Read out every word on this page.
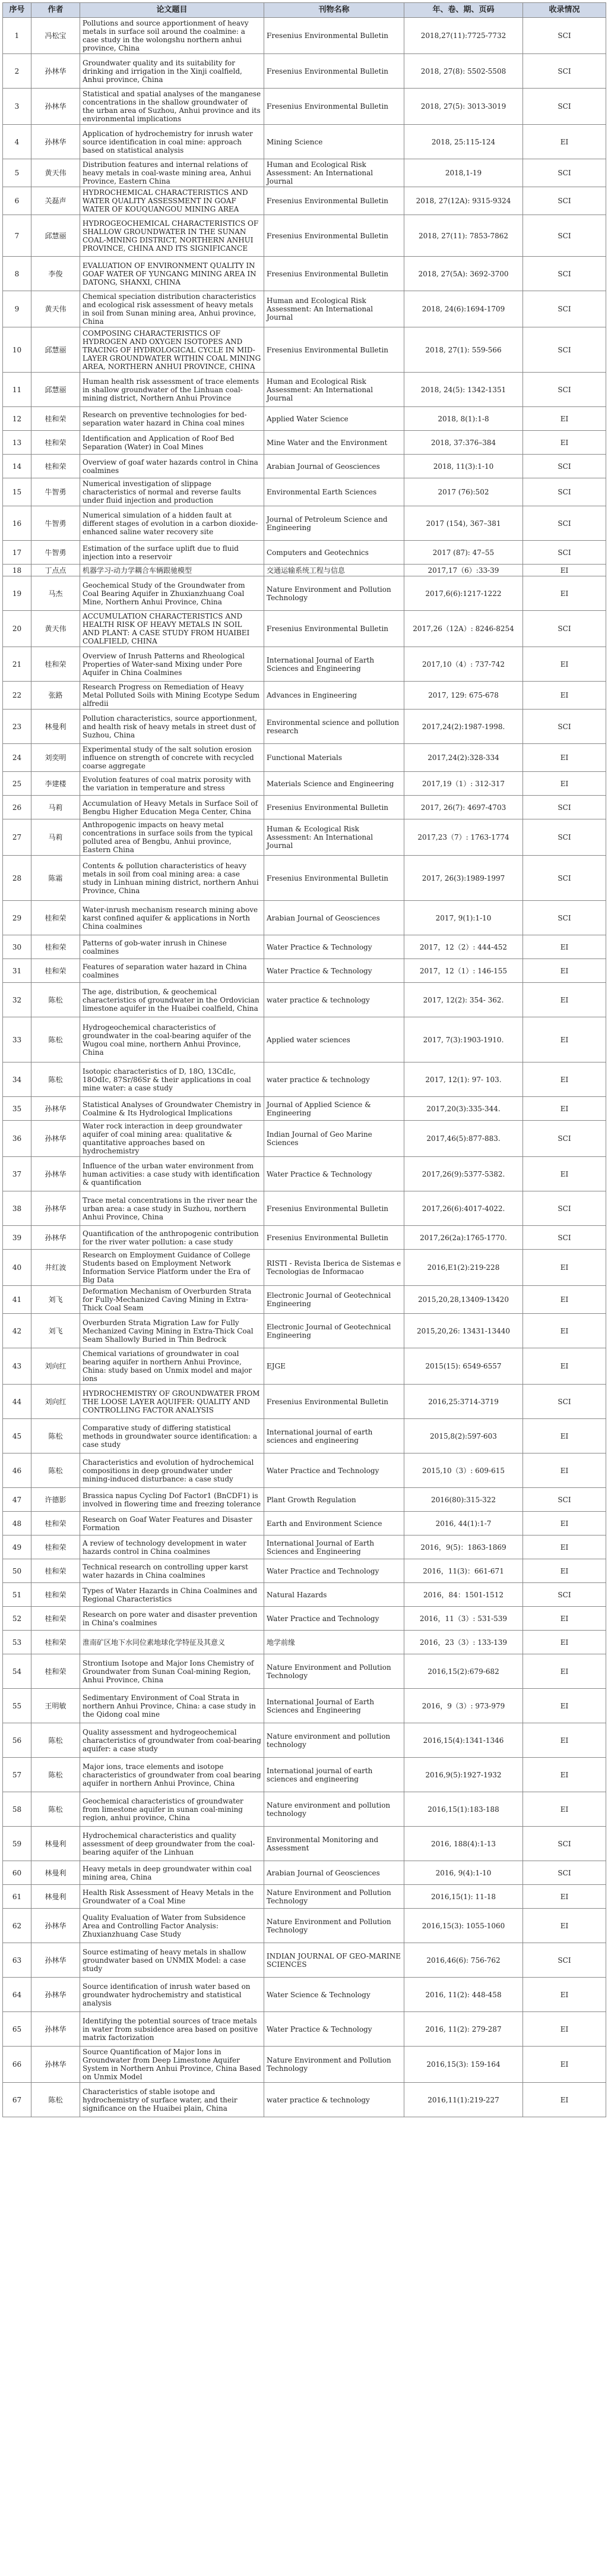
序号	作者	论文题目	刊物名称	年、卷、期、页码	收录情况
1	冯松宝	Pollutions and source apportionment of heavy metals in surface soil around the coalmine: a case study in the wolongshu northern anhui province, China	Fresenius Environmental Bulletin	2018,27(11):7725-7732	SCI
2	孙林华	Groundwater quality and its suitability for drinking and irrigation in the Xinji coalfield, Anhui province, China	Fresenius Environmental Bulletin	2018, 27(8): 5502-5508	SCI
3	孙林华	Statistical and spatial analyses of the manganese concentrations in the shallow groundwater of the urban area of Suzhou, Anhui province and its environmental implications	Fresenius Environmental Bulletin	2018, 27(5): 3013-3019	SCI
4	孙林华	Application of hydrochemistry for inrush water source identification in coal mine: approach based on statistical analysis	Mining Science	2018, 25:115-124	EI
5	黄天伟	Distribution features and internal relations of heavy metals in coal-waste mining area, Anhui Province, Eastern China	Human and Ecological Risk Assessment: An International Journal	2018,1-19	SCI
6	关磊声	HYDROCHEMICAL CHARACTERISTICS AND WATER QUALITY ASSESSMENT IN GOAF WATER OF KOUQUANGOU MINING AREA	Fresenius Environmental Bulletin	2018, 27(12A): 9315-9324	SCI
7	邱慧丽	HYDROGEOCHEMICAL CHARACTERISTICS OF SHALLOW GROUNDWATER IN THE SUNAN COAL-MINING DISTRICT, NORTHERN ANHUI PROVINCE, CHINA AND ITS SIGNIFICANCE	Fresenius Environmental Bulletin	2018, 27(11): 7853-7862	SCI
8	李俊	EVALUATION OF ENVIRONMENT QUALITY IN GOAF WATER OF YUNGANG MINING AREA IN DATONG, SHANXI, CHINA	Fresenius Environmental Bulletin	2018, 27(5A): 3692-3700	SCI
9	黄天伟	Chemical speciation distribution characteristics and ecological risk assessment of heavy metals in soil from Sunan mining area, Anhui province, China	Human and Ecological Risk Assessment: An International Journal	2018, 24(6):1694-1709	SCI
10	邱慧丽	COMPOSING CHARACTERISTICS OF HYDROGEN AND OXYGEN ISOTOPES AND TRACING OF HYDROLOGICAL CYCLE IN MID-LAYER GROUNDWATER WITHIN COAL MINING AREA, NORTHERN ANHUI PROVINCE, CHINA	Fresenius Environmental Bulletin	2018, 27(1): 559-566	SCI
11	邱慧丽	Human health risk assessment of trace elements in shallow groundwater of the Linhuan coal-mining district, Northern Anhui Province	Human and Ecological Risk Assessment: An International Journal	2018, 24(5): 1342-1351	SCI
12	桂和荣	Research on preventive technologies for bed-separation water hazard in China coal mines	Applied Water Science	2018, 8(1):1-8	EI
13	桂和荣	Identification and Application of Roof Bed Separation (Water) in Coal Mines	Mine Water and the Environment	2018, 37:376–384	EI
14	桂和荣	Overview of goaf water hazards control in China coalmines	Arabian Journal of Geosciences	2018, 11(3):1-10	SCI
15	牛智勇	Numerical investigation of slippage characteristics of normal and reverse faults under fluid injection and production	Environmental Earth Sciences	2017 (76):502	SCI
16	牛智勇	Numerical simulation of a hidden fault at different stages of evolution in a carbon dioxide-enhanced saline water recovery site	Journal of Petroleum Science and Engineering	2017 (154), 367–381	SCI
17	牛智勇	Estimation of the surface uplift due to fluid injection into a reservoir	Computers and Geotechnics	2017 (87): 47–55	SCI
18	丁点点	机器学习-动力学耦合车辆跟驰模型	交通运输系统工程与信息	2017,17（6）:33-39	EI
19	马杰	Geochemical Study of the Groundwater from Coal Bearing Aquifer in Zhuxianzhuang Coal Mine, Northern Anhui Province, China	Nature Environment and Pollution Technology	2017,6(6):1217-1222	EI
20	黄天伟	ACCUMULATION CHARACTERISTICS AND HEALTH RISK OF HEAVY METALS IN SOIL AND PLANT: A CASE STUDY FROM HUAIBEI COALFIELD, CHINA	Fresenius Environmental Bulletin	2017,26（12A）: 8246-8254	SCI
21	桂和荣	Overview of Inrush Patterns and Rheological Properties of Water-sand Mixing under Pore Aquifer in China Coalmines	International Journal of Earth Sciences and Engineering	2017,10（4）: 737-742	EI
22	张路	Research Progress on Remediation of Heavy Metal Polluted Soils with Mining Ecotype Sedum alfredii	Advances in Engineering	2017, 129: 675-678	EI
23	林曼利	Pollution characteristics, source apportionment, and health risk of heavy metals in street dust of Suzhou, China	Environmental science and pollution research	2017,24(2):1987-1998.	SCI
24	刘奕明	Experimental study of the salt solution erosion influence on strength of concrete with recycled coarse aggregate	Functional Materials	2017,24(2):328-334	EI
25	李建楼	Evolution features of coal matrix porosity with the variation in temperature and stress	Materials Science and Engineering	2017,19（1）: 312-317	EI
26	马莉	Accumulation of Heavy Metals in Surface Soil of Bengbu Higher Education Mega Center, China	Fresenius Environmental Bulletin	2017, 26(7): 4697-4703	SCI
27	马莉	Anthropogenic impacts on heavy metal concentrations in surface soils from the typical polluted area of Bengbu, Anhui province, Eastern China	Human & Ecological Risk Assessment: An International Journal	2017,23（7）: 1763-1774	SCI
28	陈霜	Contents & pollution characteristics of heavy metals in soil from coal mining area: a case study in Linhuan mining district, northern Anhui Province, China	Fresenius Environmental Bulletin	2017, 26(3):1989-1997	SCI
29	桂和荣	Water-inrush mechanism research mining above karst confined aquifer & applications in North China coalmines	Arabian Journal of Geosciences	2017, 9(1):1-10	SCI
30	桂和荣	Patterns of gob-water inrush in Chinese coalmines	Water Practice & Technology	2017，12（2）: 444-452	EI
31	桂和荣	Features of separation water hazard in China coalmines	Water Practice & Technology	2017，12（1）: 146-155	EI
32	陈松	The age, distribution, & geochemical characteristics of groundwater in the Ordovician limestone aquifer in the Huaibei coalfield, China	water practice & technology	2017, 12(2): 354- 362.	EI
33	陈松	Hydrogeochemical characteristics of groundwater in the coal-bearing aquifer of the Wugou coal mine, northern Anhui Province, China	Applied water sciences	2017, 7(3):1903-1910.	EI
34	陈松	Isotopic characteristics of D, 18O, 13CdIc, 18OdIc, 87Sr/86Sr & their applications in coal mine water: a case study	water practice & technology	2017, 12(1): 97- 103.	EI
35	孙林华	Statistical Analyses of Groundwater Chemistry in Coalmine & Its Hydrological Implications	Journal of Applied Science & Engineering	2017,20(3):335-344.	EI
36	孙林华	Water rock interaction in deep groundwater aquifer of coal mining area: qualitative & quantitative approaches based on hydrochemistry	Indian Journal of Geo Marine Sciences	2017,46(5):877-883.	SCI
37	孙林华	Influence of the urban water environment from human activities: a case study with identification & quantification	Water Practice & Technology	2017,26(9):5377-5382.	EI
38	孙林华	Trace metal concentrations in the river near the urban area: a case study in Suzhou, northern Anhui Province, China	Fresenius Environmental Bulletin	2017,26(6):4017-4022.	SCI
39	孙林华	Quantification of the anthropogenic contribution for the river water pollution: a case study	Fresenius Environmental Bulletin	2017,26(2a):1765-1770.	SCI
40	井红波	Research on Employment Guidance of College Students based on Employment Network Information Service Platform under the Era of Big Data	RISTI - Revista Iberica de Sistemas e Tecnologias de Informacao	2016,E1(2):219-228	EI
41	刘飞	Deformation Mechanism of Overburden Strata for Fully-Mechanized Caving Mining in Extra-Thick Coal Seam	Electronic Journal of Geotechnical Engineering	2015,20,28,13409-13420	EI
42	刘飞	Overburden Strata Migration Law for Fully Mechanized Caving Mining in Extra-Thick Coal Seam Shallowly Buried in Thin Bedrock	Electronic Journal of Geotechnical Engineering	2015,20,26: 13431-13440	EI
43	刘向红	Chemical variations of groundwater in coal bearing aquifer in northern Anhui Province, China: study based on Unmix model and major ions	EJGE	2015(15): 6549-6557	EI
44	刘向红	HYDROCHEMISTRY OF GROUNDWATER FROM THE LOOSE LAYER AQUIFER: QUALITY AND CONTROLLING FACTOR ANALYSIS	Fresenius Environmental Bulletin	2016,25:3714-3719	SCI
45	陈松	Comparative study of differing statistical methods in groundwater source identification: a case study	International journal of earth sciences and engineering	2015,8(2):597-603	EI
46	陈松	Characteristics and evolution of hydrochemical compositions in deep groundwater under mining-induced disturbance: a case study	Water Practice and Technology	2015,10（3）: 609-615	EI
47	许德影	Brassica napus Cycling Dof Factor1 (BnCDF1) is involved in flowering time and freezing tolerance	Plant Growth Regulation	2016(80):315-322	SCI
48	桂和荣	Research on Goaf Water Features and Disaster Formation	Earth and Environment Science	2016, 44(1):1-7	EI
49	桂和荣	A review of technology development in water hazards control in China coalmines	International Journal of Earth Sciences and Engineering	2016，9(5)：1863-1869	EI
50	桂和荣	Technical research on controlling upper karst water hazards in China coalmines	Water Practice and Technology	2016，11(3)：661-671	EI
51	桂和荣	Types of Water Hazards in China Coalmines and Regional Characteristics	Natural Hazards	2016，84：1501-1512	SCI
52	桂和荣	Research on pore water and disaster prevention in China's coalmines	Water Practice and Technology	2016，11（3）: 531-539	EI
53	桂和荣	淮南矿区地下水同位素地球化学特征及其意义	地学前缘	2016，23（3）: 133-139	EI
54	桂和荣	Strontium Isotope and Major Ions Chemistry of Groundwater from Sunan Coal-mining Region, Anhui Province, China	Nature Environment and Pollution Technology	2016,15(2):679-682	EI
55	王明敏	Sedimentary Environment of Coal Strata in northern Anhui Province, China: a case study in the Qidong coal mine	International Journal of Earth Sciences and Engineering	2016，9（3）: 973-979	EI
56	陈松	Quality assessment and hydrogeochemical characteristics of groundwater from coal-bearing aquifer: a case study	Nature environment and pollution technology	2016,15(4):1341-1346	EI
57	陈松	Major ions, trace elements and isotope characteristics of groundwater from coal bearing aquifer in northern Anhui Province, China	International journal of earth sciences and engineering	2016,9(5):1927-1932	EI
58	陈松	Geochemical characteristics of groundwater from limestone aquifer in sunan coal-mining region, anhui province, China	Nature environment and pollution technology	2016,15(1):183-188	EI
59	林曼利	Hydrochemical characteristics and quality assessment of deep groundwater from the coal-bearing aquifer of the Linhuan	Environmental Monitoring and Assessment	2016, 188(4):1-13	SCI
60	林曼利	Heavy metals in deep groundwater within coal mining area, China	Arabian Journal of Geosciences	2016, 9(4):1-10	SCI
61	林曼利	Health Risk Assessment of Heavy Metals in the Groundwater of a Coal Mine	Nature Environment and Pollution Technology	2016,15(1): 11-18	EI
62	孙林华	Quality Evaluation of Water from Subsidence Area and Controlling Factor Analysis: Zhuxianzhuang Case Study	Nature Environment and Pollution Technology	2016,15(3): 1055-1060	EI
63	孙林华	Source estimating of heavy metals in shallow groundwater based on UNMIX Model: a case study	INDIAN JOURNAL OF GEO-MARINE SCIENCES	2016,46(6): 756-762	SCI
64	孙林华	Source identification of inrush water based on groundwater hydrochemistry and statistical analysis	Water Science & Technology	2016, 11(2): 448-458	EI
65	孙林华	Identifying the potential sources of trace metals in water from subsidence area based on positive matrix factorization	Water Practice & Technology	2016, 11(2): 279-287	EI
66	孙林华	Source Quantification of Major Ions in Groundwater from Deep Limestone Aquifer System in Northern Anhui Province, China Based on Unmix Model	Nature Environment and Pollution Technology	2016,15(3): 159-164	EI
67	陈松	Characteristics of stable isotope and hydrochemistry of surface water, and their significance on the Huaibei plain, China	water practice & technology	2016,11(1):219-227	EI
